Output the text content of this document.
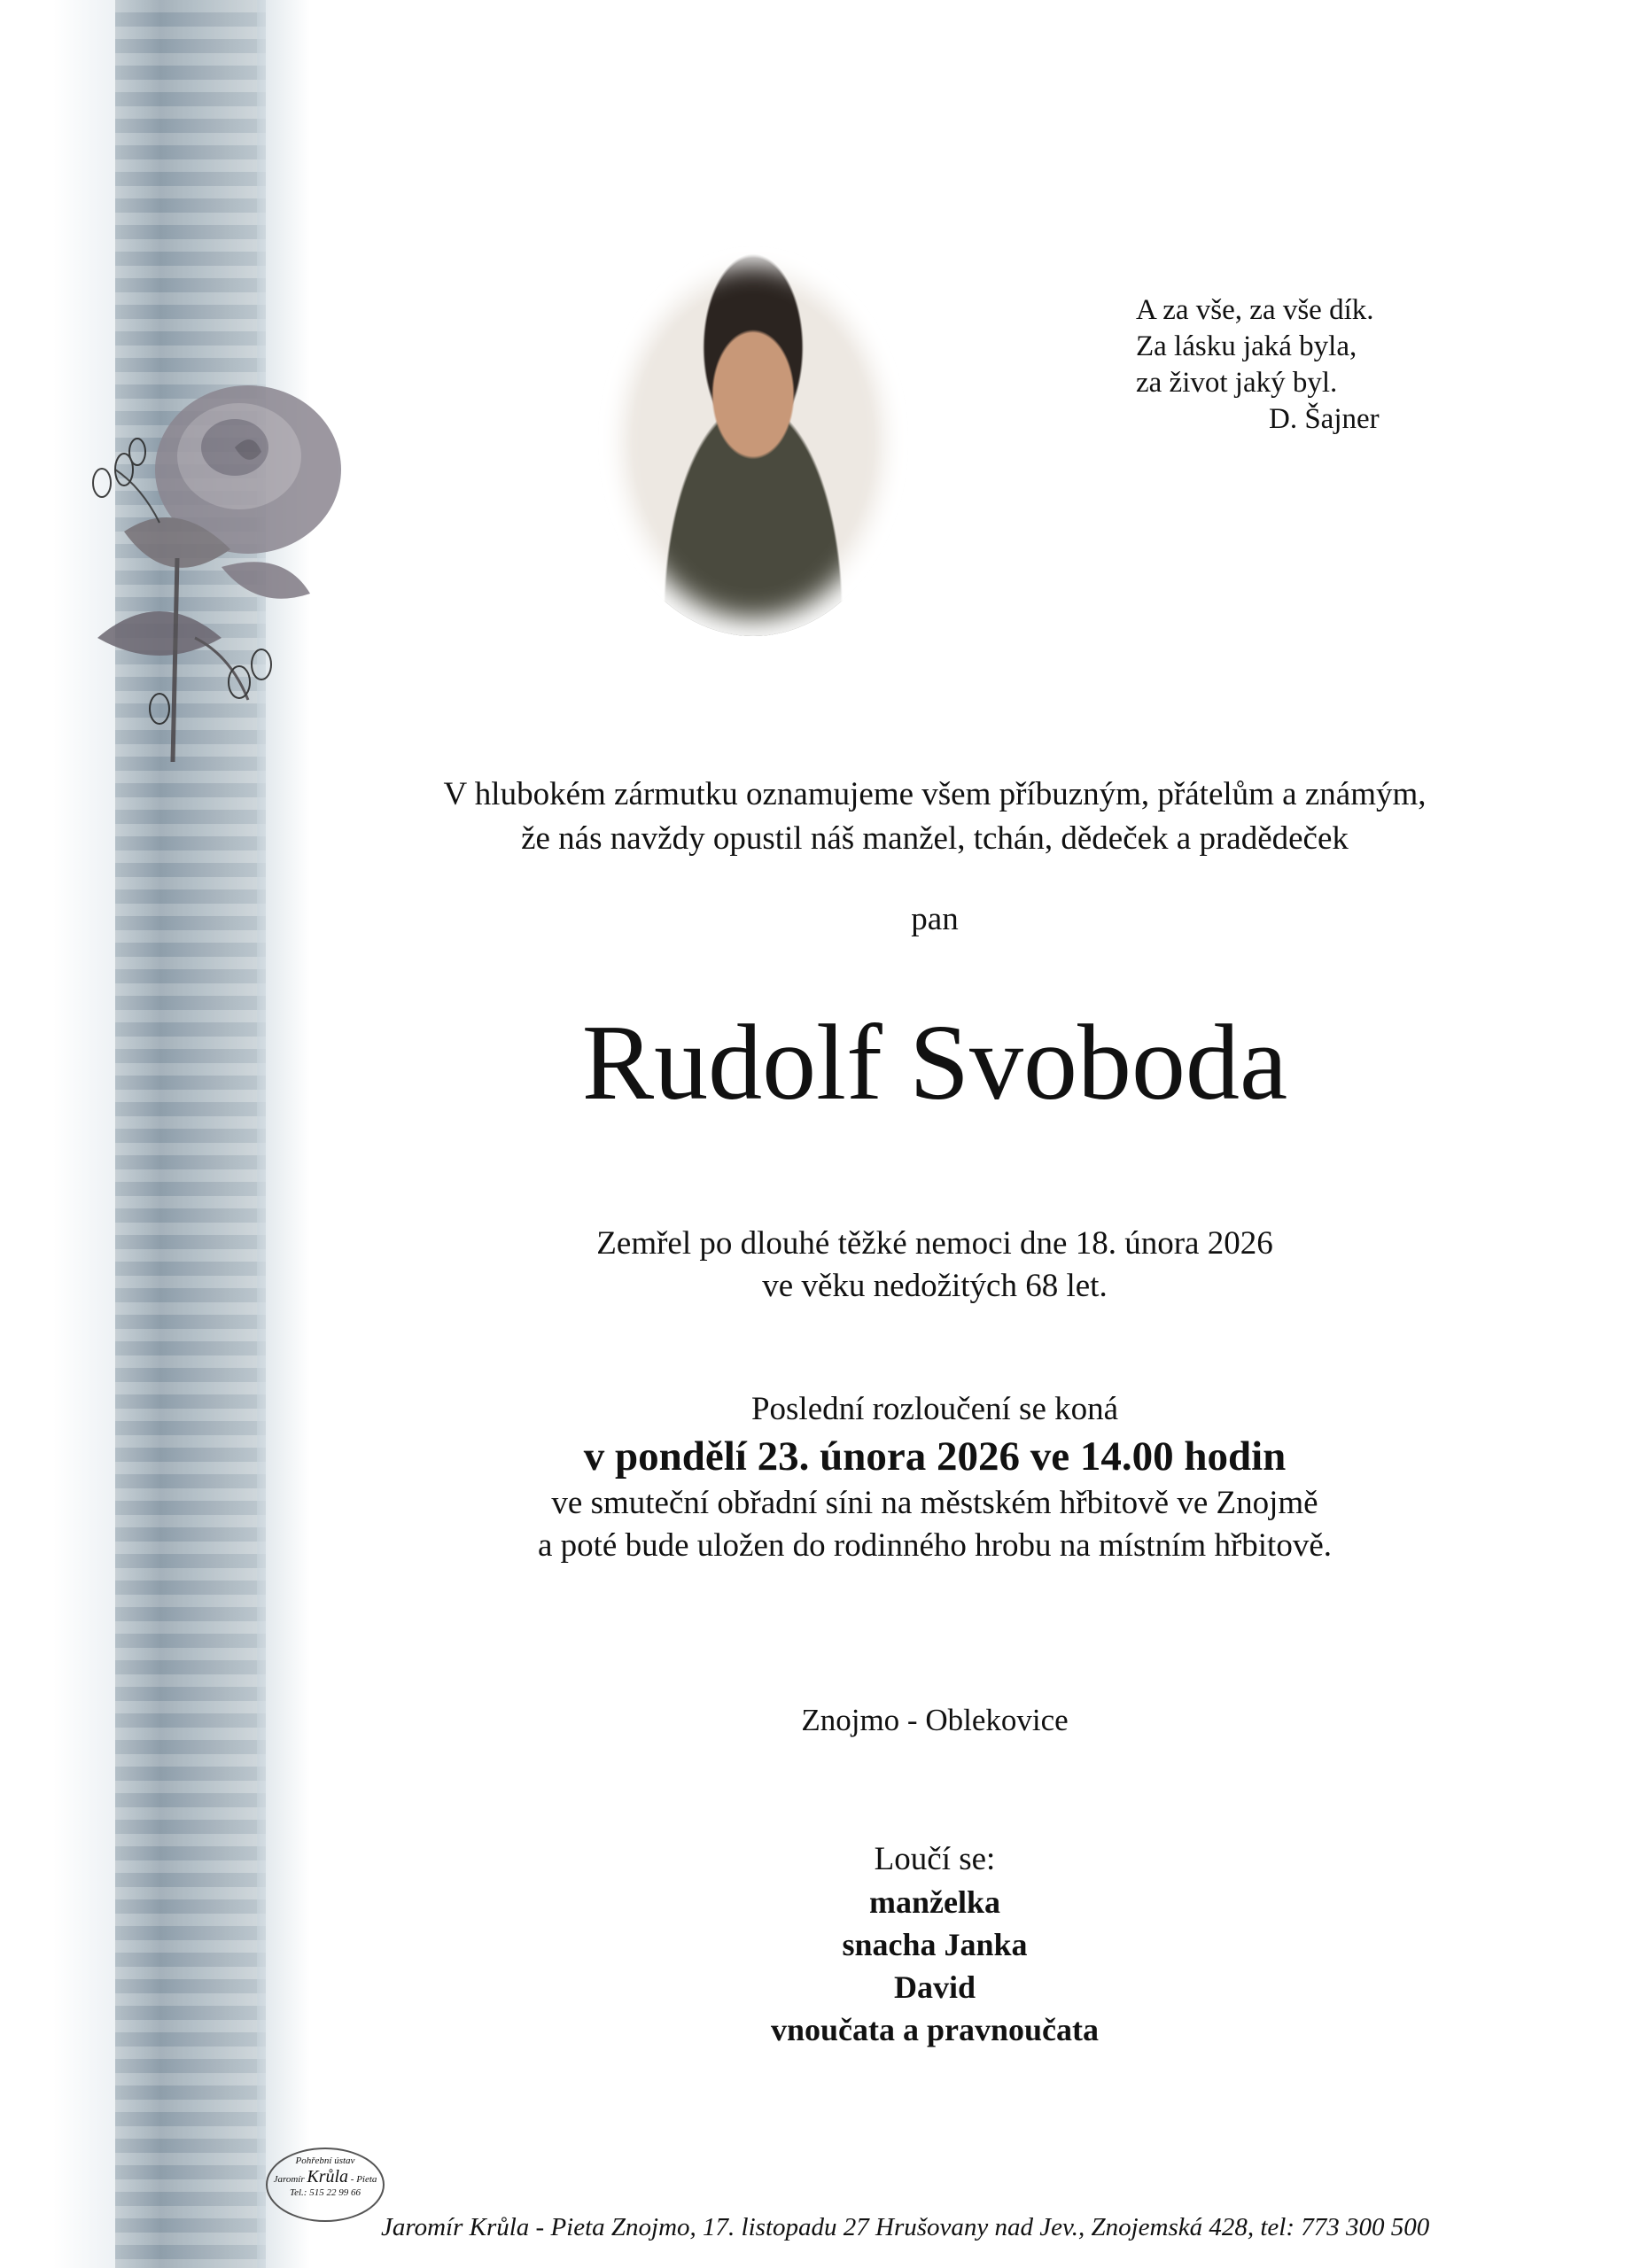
A za vše, za vše dík.
Za lásku jaká byla,
za život jaký byl.
D. Šajner
V hlubokém zármutku oznamujeme všem příbuzným, přátelům a známým,
že nás navždy opustil náš manžel, tchán, dědeček a pradědeček
pan
Rudolf Svoboda
Zemřel po dlouhé těžké nemoci dne 18. února 2026
ve věku nedožitých 68 let.
Poslední rozloučení se koná
v pondělí 23. února 2026 ve 14.00 hodin
ve smuteční obřadní síni na městském hřbitově ve Znojmě
a poté bude uložen do rodinného hrobu na místním hřbitově.
Znojmo - Oblekovice
Loučí se:
manželka
snacha Janka
David
vnoučata a pravnoučata
Pohřební ústav
Jaromír Krůla - Pieta
Tel.: 515 22 99 66
Jaromír Krůla - Pieta Znojmo, 17. listopadu 27 Hrušovany nad Jev., Znojemská 428, tel: 773 300 500
